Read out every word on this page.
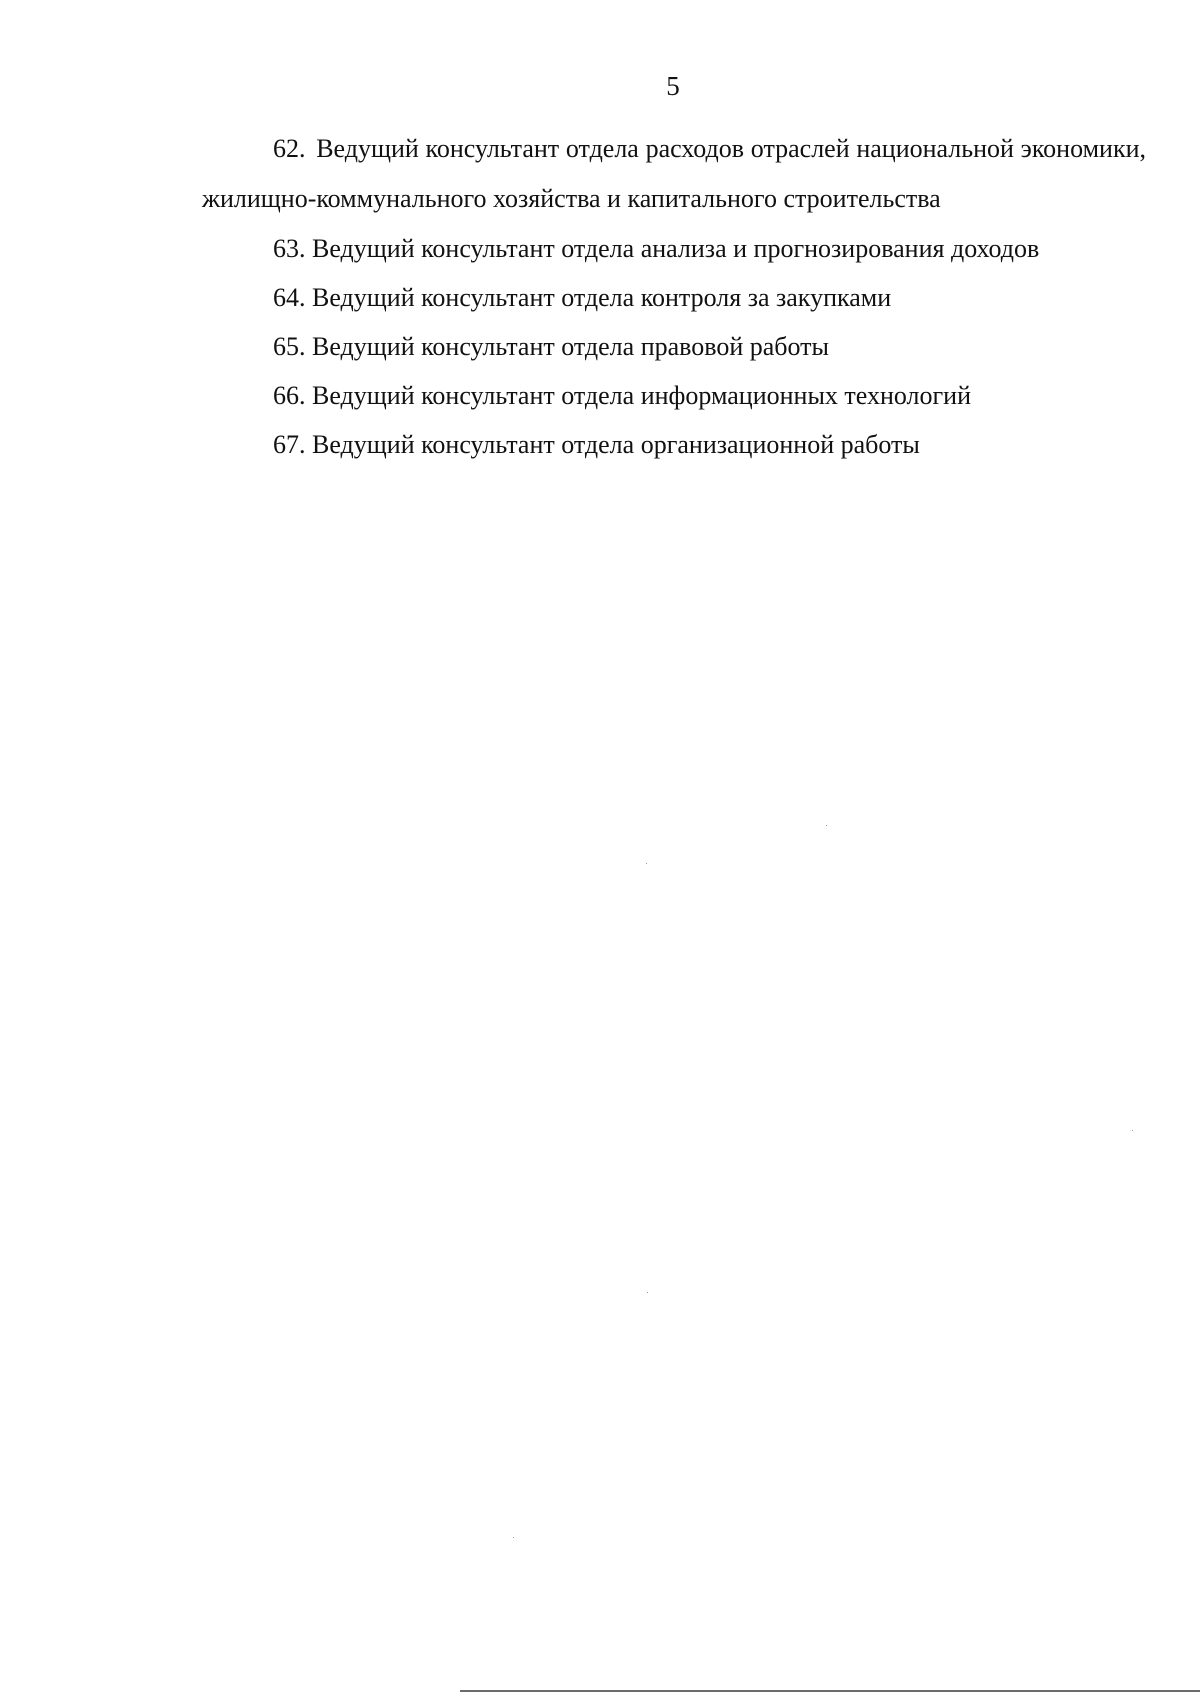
5

62. Ведущий консультант отдела расходов отраслей национальной экономики, жилищно-коммунального хозяйства и капитального строительства

63. Ведущий консультант отдела анализа и прогнозирования доходов

64. Ведущий консультант отдела контроля за закупками

65. Ведущий консультант отдела правовой работы

66. Ведущий консультант отдела информационных технологий

67. Ведущий консультант отдела организационной работы
